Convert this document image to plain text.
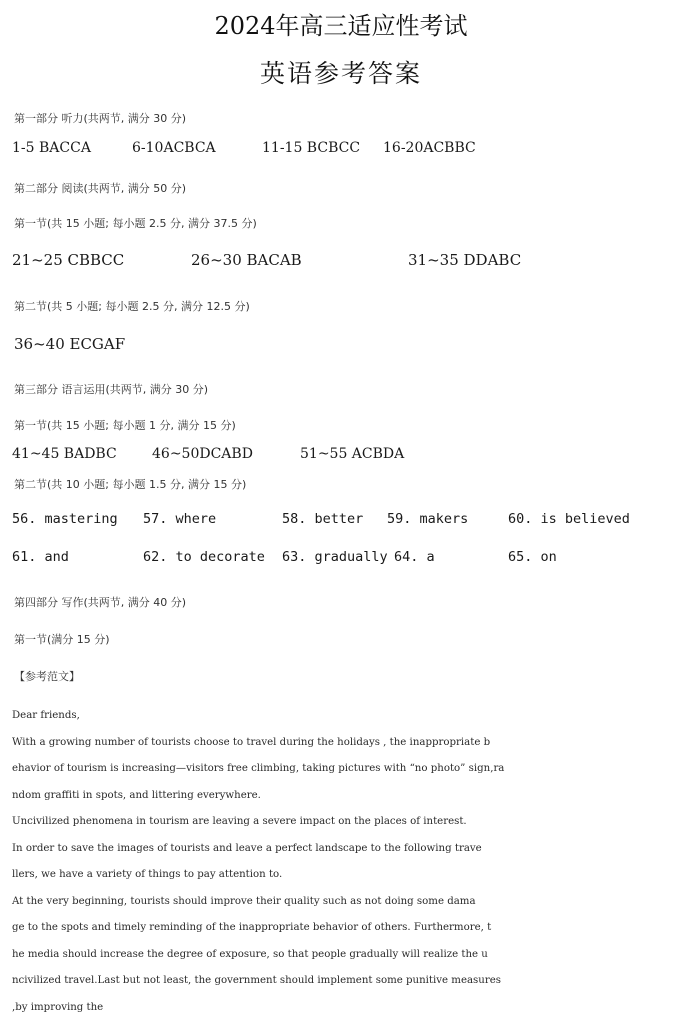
2024年高三适应性考试
英语参考答案
第一部分 听力(共两节, 满分 30 分)
1-5 BACCA	6-10ACBCA	11-15 BCBCC 16-20ACBBC
第二部分 阅读(共两节, 满分 50 分)
第一节(共 15 小题; 每小题 2.5 分, 满分 37.5 分)
21~25 CBBCC	26~30 BACAB	31~35 DDABC
第二节(共 5 小题; 每小题 2.5 分, 满分 12.5 分)
36~40 ECGAF
第三部分 语言运用(共两节, 满分 30 分)
第一节(共 15 小题; 每小题 1 分, 满分 15 分)
41~45 BADBC	46~50DCABD	51~55 ACBDA
第二节(共 10 小题; 每小题 1.5 分, 满分 15 分)
56. mastering 57. where	58. better 59. makers	60. is believed
61. and	62. to decorate 63. gradually 64. a	65. on
第四部分 写作(共两节, 满分 40 分)
第一节(满分 15 分)
【参考范文】
Dear friends,
With a growing number of tourists choose to travel during the holidays , the inappropriate b
ehavior of tourism is increasing—visitors free climbing, taking pictures with “no photo” sign,ra
ndom graffiti in spots, and littering everywhere.
Uncivilized phenomena in tourism are leaving a severe impact on the places of interest.
In order to save the images of tourists and leave a perfect landscape to the following trave
llers, we have a variety of things to pay attention to.
At the very beginning, tourists should improve their quality such as not doing some dama
ge to the spots and timely reminding of the inappropriate behavior of others. Furthermore, t
he media should increase the degree of exposure, so that people gradually will realize the u
ncivilized travel.Last but not least, the government should implement some punitive measures
,by improving the
